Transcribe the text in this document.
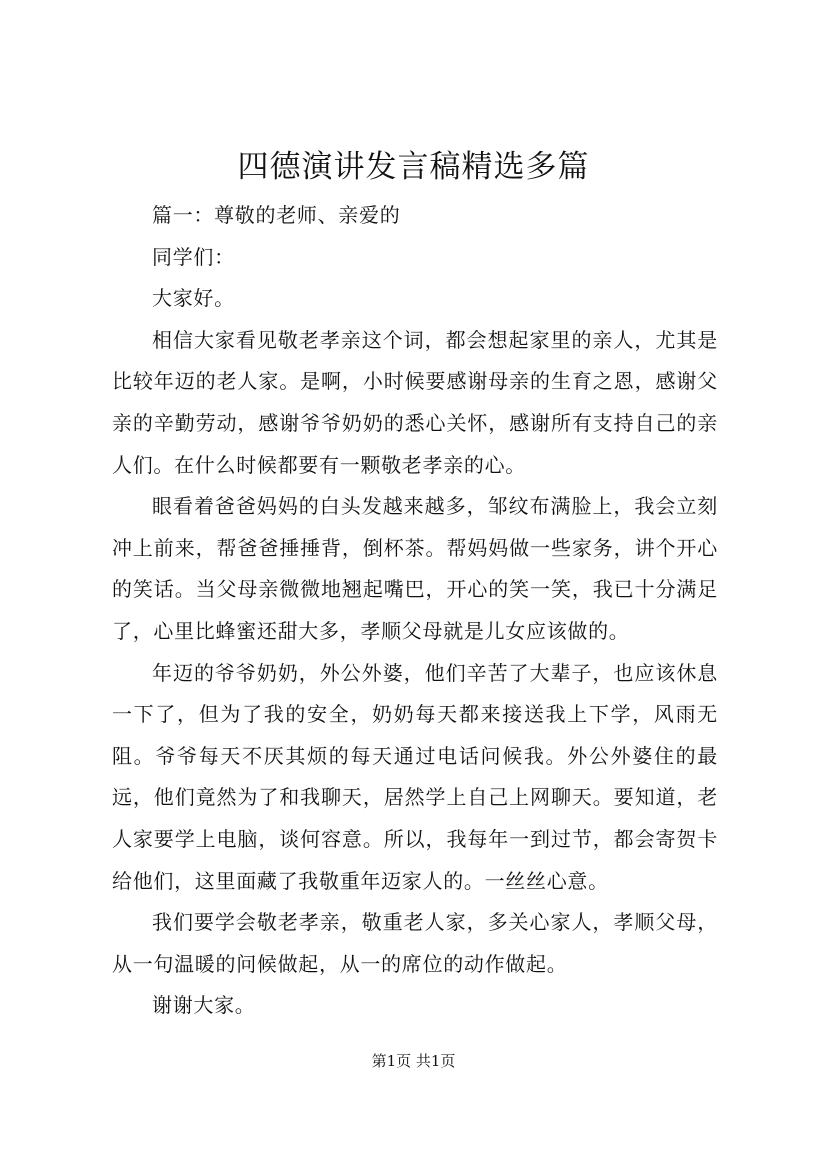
四德演讲发言稿精选多篇

篇一：尊敬的老师、亲爱的

同学们：

大家好。

相信大家看见敬老孝亲这个词，都会想起家里的亲人，尤其是比较年迈的老人家。是啊，小时候要感谢母亲的生育之恩，感谢父亲的辛勤劳动，感谢爷爷奶奶的悉心关怀，感谢所有支持自己的亲人们。在什么时候都要有一颗敬老孝亲的心。

眼看着爸爸妈妈的白头发越来越多，邹纹布满脸上，我会立刻冲上前来，帮爸爸捶捶背，倒杯茶。帮妈妈做一些家务，讲个开心的笑话。当父母亲微微地翘起嘴巴，开心的笑一笑，我已十分满足了，心里比蜂蜜还甜大多，孝顺父母就是儿女应该做的。

年迈的爷爷奶奶，外公外婆，他们辛苦了大辈子，也应该休息一下了，但为了我的安全，奶奶每天都来接送我上下学，风雨无阻。爷爷每天不厌其烦的每天通过电话问候我。外公外婆住的最远，他们竟然为了和我聊天，居然学上自己上网聊天。要知道，老人家要学上电脑，谈何容意。所以，我每年一到过节，都会寄贺卡给他们，这里面藏了我敬重年迈家人的。一丝丝心意。

我们要学会敬老孝亲，敬重老人家，多关心家人，孝顺父母，从一句温暖的问候做起，从一的席位的动作做起。

谢谢大家。

第1页 共1页
